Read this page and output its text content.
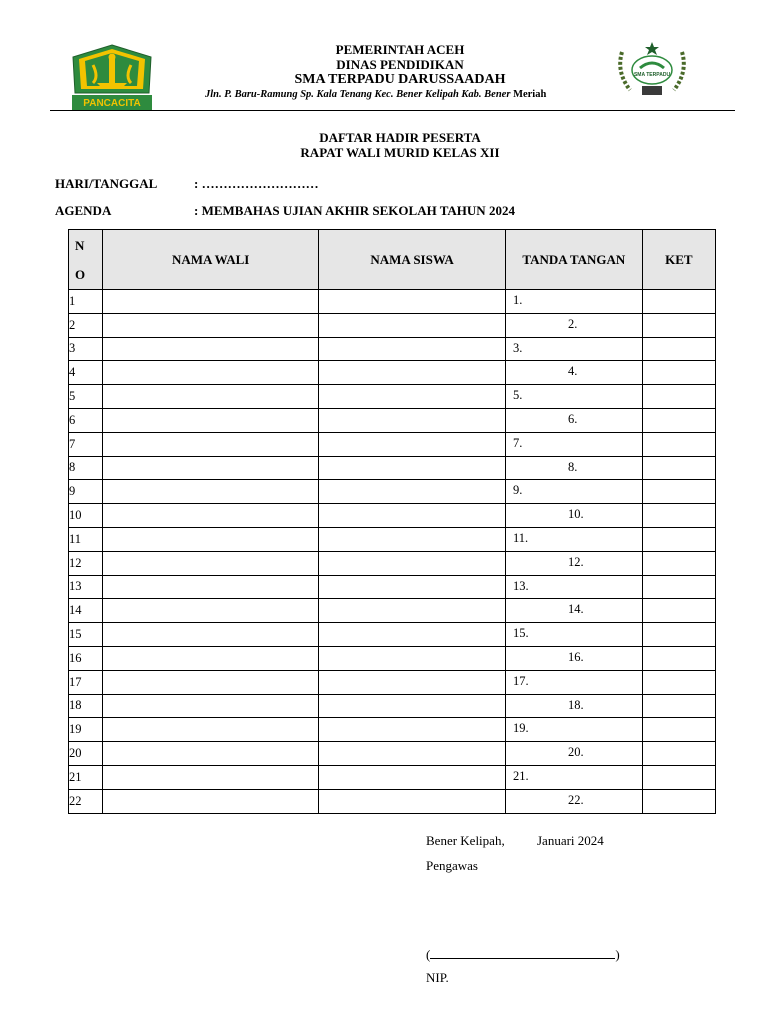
PANCACITA
SMA TERPADU
PEMERINTAH ACEH
DINAS PENDIDIKAN
SMA TERPADU DARUSSAADAH
Jln. P. Baru-Ramung Sp. Kala Tenang Kec. Bener Kelipah Kab. Bener Meriah
DAFTAR HADIR PESERTA
RAPAT WALI MURID KELAS XII
HARI/TANGGAL	: ………………………
AGENDA	: MEMBAHAS UJIAN AKHIR SEKOLAH TAHUN 2024
N
O	NAMA WALI	NAMA SISWA	TANDA TANGAN	KET
1			1.	

2			2.	

3			3.	

4			4.	

5			5.	

6			6.	

7			7.	

8			8.	

9			9.	

10			10.	

11			11.	

12			12.	

13			13.	

14			14.	

15			15.	

16			16.	

17			17.	

18			18.	

19			19.	

20			20.	

21			21.	

22			22.	

Bener Kelipah, Januari 2024
Pengawas
(	)
NIP.
